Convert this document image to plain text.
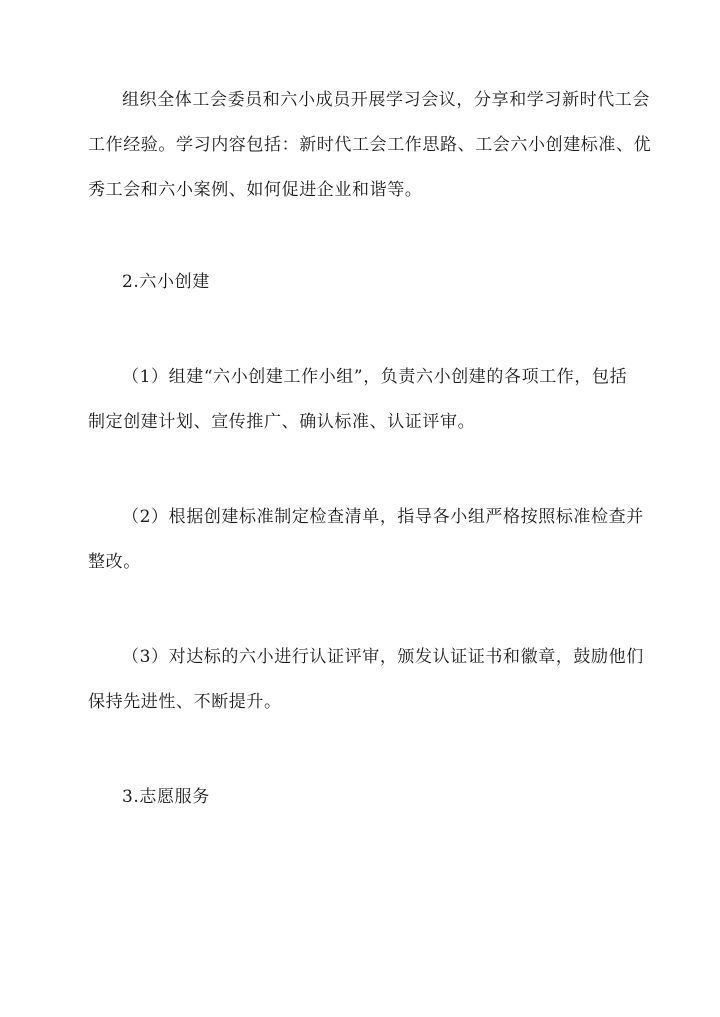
组织全体工会委员和六小成员开展学习会议，分享和学习新时代工会
工作经验。学习内容包括：新时代工会工作思路、工会六小创建标准、优
秀工会和六小案例、如何促进企业和谐等。
2.六小创建
（1）组建“六小创建工作小组”，负责六小创建的各项工作，包括
制定创建计划、宣传推广、确认标准、认证评审。
（2）根据创建标准制定检查清单，指导各小组严格按照标准检查并
整改。
（3）对达标的六小进行认证评审，颁发认证证书和徽章，鼓励他们
保持先进性、不断提升。
3.志愿服务
